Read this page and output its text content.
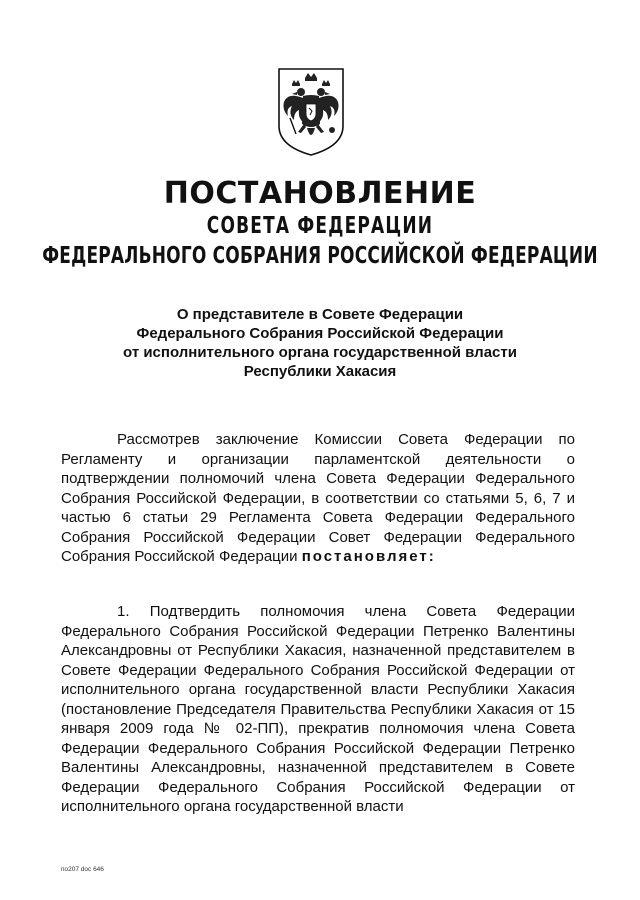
ПОСТАНОВЛЕНИЕ
СОВЕТА ФЕДЕРАЦИИ
ФЕДЕРАЛЬНОГО СОБРАНИЯ РОССИЙСКОЙ ФЕДЕРАЦИИ
О представителе в Совете Федерации
Федерального Собрания Российской Федерации
от исполнительного органа государственной власти
Республики Хакасия
Рассмотрев заключение Комиссии Совета Федерации по Регламенту и организации парламентской деятельности о подтверждении полномочий члена Совета Федерации Федерального Собрания Российской Федерации, в соответствии со статьями 5, 6, 7 и частью 6 статьи 29 Регламента Совета Федерации Федерального Собрания Российской Федерации Совет Федерации Федерального Собрания Российской Федерации постановляет:
1. Подтвердить полномочия члена Совета Федерации Федерального Собрания Российской Федерации Петренко Валентины Александровны от Республики Хакасия, назначенной представителем в Совете Федерации Федерального Собрания Российской Федерации от исполнительного органа государственной власти Республики Хакасия (постановление Председателя Правительства Республики Хакасия от 15 января 2009 года № 02-ПП), прекратив полномочия члена Совета Федерации Федерального Собрания Российской Федерации Петренко Валентины Александровны, назначенной представителем в Совете Федерации Федерального Собрания Российской Федерации от исполнительного органа государственной власти
по207 doc 646
